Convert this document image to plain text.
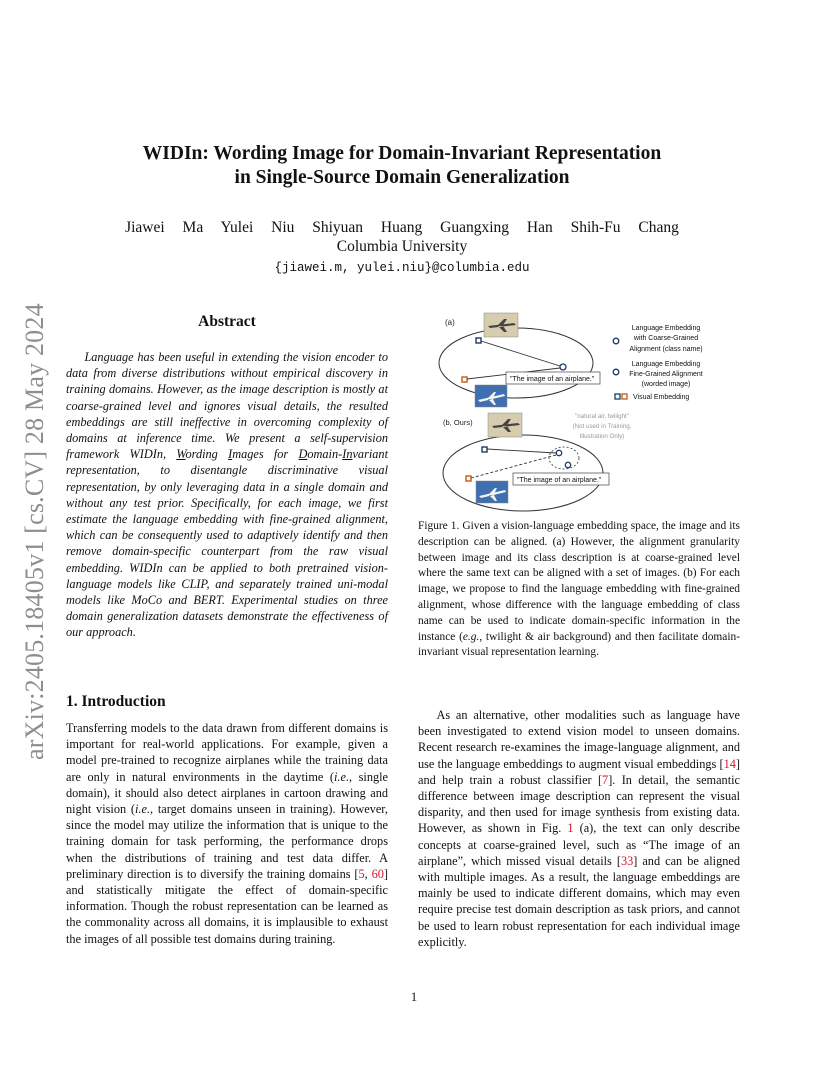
arXiv:2405.18405v1 [cs.CV] 28 May 2024
WIDIn: Wording Image for Domain-Invariant Representation
in Single-Source Domain Generalization
Jiawei Ma Yulei Niu Shiyuan Huang Guangxing Han Shih-Fu Chang
Columbia University
{jiawei.m, yulei.niu}@columbia.edu
Abstract
Language has been useful in extending the vision encoder to data from diverse distributions without empirical discovery in training domains. However, as the image description is mostly at coarse-grained level and ignores visual details, the resulted embeddings are still ineffective in overcoming complexity of domains at inference time. We present a self-supervision framework WIDIn, Wording Images for Domain-Invariant representation, to disentangle discriminative visual representation, by only leveraging data in a single domain and without any test prior. Specifically, for each image, we first estimate the language embedding with fine-grained alignment, which can be consequently used to adaptively identify and then remove domain-specific counterpart from the raw visual embedding. WIDIn can be applied to both pretrained vision-language models like CLIP, and separately trained uni-modal models like MoCo and BERT. Experimental studies on three domain generalization datasets demonstrate the effectiveness of our approach.
1. Introduction
Transferring models to the data drawn from different domains is important for real-world applications. For example, given a model pre-trained to recognize airplanes while the training data are only in natural environments in the daytime (i.e., single domain), it should also detect airplanes in cartoon drawing and night vision (i.e., target domains unseen in training). However, since the model may utilize the information that is unique to the training domain for task performing, the performance drops when the distributions of training and test data differ. A preliminary direction is to diversify the training domains [5, 60] and statistically mitigate the effect of domain-specific information. Though the robust representation can be learned as the commonality across all domains, it is implausible to exhaust the images of all possible test domains during training.
(a)
"The image of an airplane."
Language Embedding
with Coarse-Grained
Alignment (class name)
Language Embedding
Fine-Grained Alignment
(worded image)
Visual Embedding
(b, Ours)
"natural air, twilight"
(Not used in Training,
Illustration Only)
"The image of an airplane."
Figure 1. Given a vision-language embedding space, the image and its description can be aligned. (a) However, the alignment granularity between image and its class description is at coarse-grained level where the same text can be aligned with a set of images. (b) For each image, we propose to find the language embedding with fine-grained alignment, whose difference with the language embedding of class name can be used to indicate domain-specific information in the instance (e.g., twilight & air background) and then facilitate domain-invariant visual representation learning.
As an alternative, other modalities such as language have been investigated to extend vision model to unseen domains. Recent research re-examines the image-language alignment, and use the language embeddings to augment visual embeddings [14] and help train a robust classifier [7]. In detail, the semantic difference between image description can represent the visual disparity, and then used for image synthesis from existing data. However, as shown in Fig. 1 (a), the text can only describe concepts at coarse-grained level, such as “The image of an airplane”, which missed visual details [33] and can be aligned with multiple images. As a result, the language embeddings are mainly be used to indicate different domains, which may even require precise test domain description as task priors, and cannot be used to learn robust representation for each individual image explicitly.
1
